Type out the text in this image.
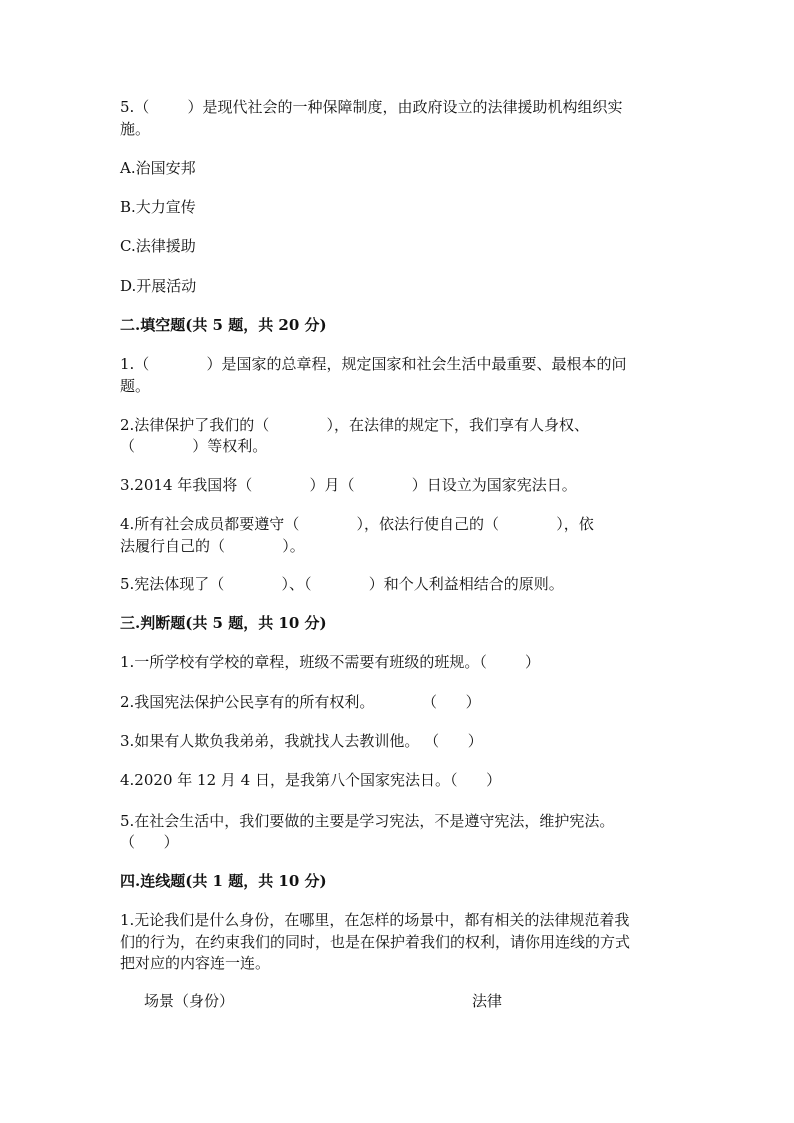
5.（        ）是现代社会的一种保障制度，由政府设立的法律援助机构组织实
施。
A.治国安邦
B.大力宣传
C.法律援助
D.开展活动
二.填空题(共 5 题，共 20 分)
1.（            ）是国家的总章程，规定国家和社会生活中最重要、最根本的问
题。
2.法律保护了我们的（            ），在法律的规定下，我们享有人身权、
（            ）等权利。
3.2014 年我国将（            ）月（            ）日设立为国家宪法日。
4.所有社会成员都要遵守（            ），依法行使自己的（            ），依
法履行自己的（            ）。
5.宪法体现了（            ）、（            ）和个人利益相结合的原则。
三.判断题(共 5 题，共 10 分)
1.一所学校有学校的章程，班级不需要有班级的班规。（        ）
2.我国宪法保护公民享有的所有权利。          （      ）
3.如果有人欺负我弟弟，我就找人去教训他。 （      ）
4.2020 年 12 月 4 日，是我第八个国家宪法日。（      ）
5.在社会生活中，我们要做的主要是学习宪法，不是遵守宪法，维护宪法。
（      ）
四.连线题(共 1 题，共 10 分)
1.无论我们是什么身份，在哪里，在怎样的场景中，都有相关的法律规范着我
们的行为，在约束我们的同时，也是在保护着我们的权利，请你用连线的方式
把对应的内容连一连。
场景（身份）	法律
